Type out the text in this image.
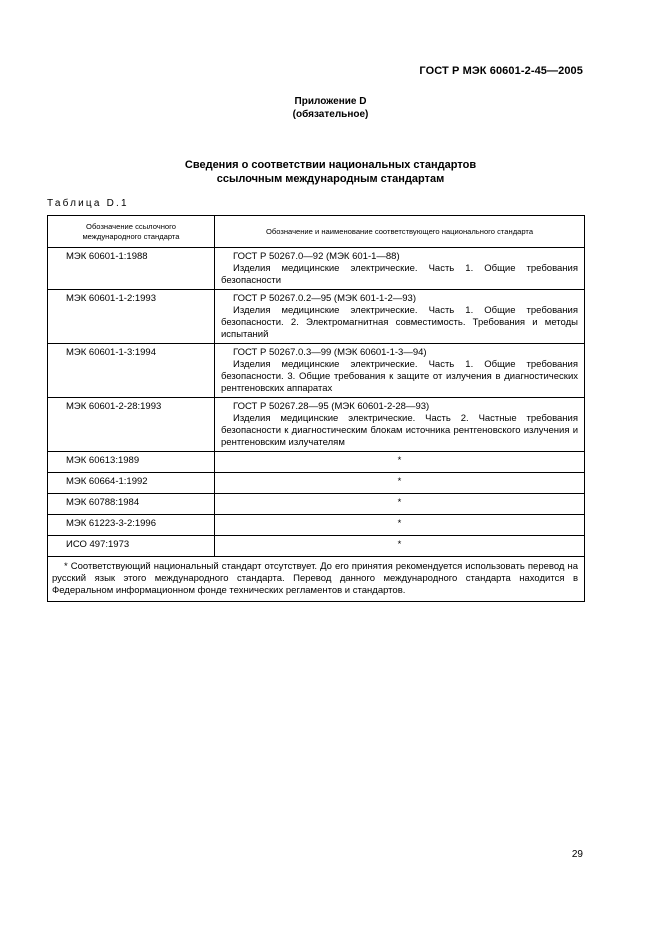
ГОСТ Р МЭК 60601-2-45—2005
Приложение D
(обязательное)
Сведения о соответствии национальных стандартов
ссылочным международным стандартам
Таблица D.1
Обозначение ссылочного
международного стандарта	Обозначение и наименование соответствующего национального стандарта
МЭК 60601-1:1988	ГОСТ Р 50267.0—92 (МЭК 601-1—88)
Изделия медицинские электрические. Часть 1. Общие требования безопасности

МЭК 60601-1-2:1993	ГОСТ Р 50267.0.2—95 (МЭК 601-1-2—93)
Изделия медицинские электрические. Часть 1. Общие требования безопасности. 2. Электромагнитная совместимость. Требования и методы испытаний

МЭК 60601-1-3:1994	ГОСТ Р 50267.0.3—99 (МЭК 60601-1-3—94)
Изделия медицинские электрические. Часть 1. Общие требования безопасности. 3. Общие требования к защите от излучения в диагностических рентгеновских аппаратах

МЭК 60601-2-28:1993	ГОСТ Р 50267.28—95 (МЭК 60601-2-28—93)
Изделия медицинские электрические. Часть 2. Частные требования безопасности к диагностическим блокам источника рентгеновского излучения и рентгеновским излучателям

МЭК 60613:1989	*
МЭК 60664-1:1992	*
МЭК 60788:1984	*
МЭК 61223-3-2:1996	*
ИСО 497:1973	*

* Соответствующий национальный стандарт отсутствует. До его принятия рекомендуется использовать перевод на русский язык этого международного стандарта. Перевод данного международного стандарта находится в Федеральном информационном фонде технических регламентов и стандартов.	
29
